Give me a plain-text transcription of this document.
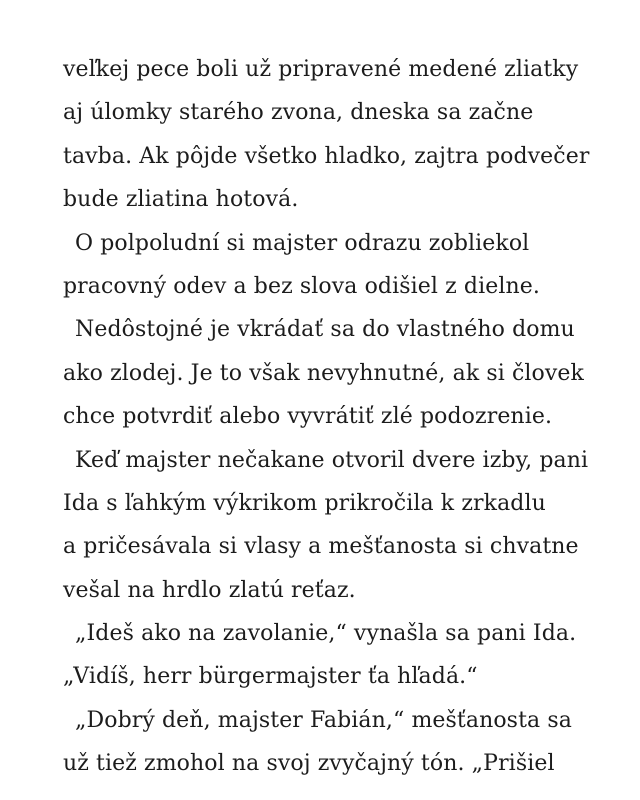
veľkej pece boli už pripravené medené zliatky
aj úlomky starého zvona, dneska sa začne
tavba. Ak pôjde všetko hladko, zajtra podvečer
bude zliatina hotová.
O polpoludní si majster odrazu zobliekol
pracovný odev a bez slova odišiel z dielne.
Nedôstojné je vkrádať sa do vlastného domu
ako zlodej. Je to však nevyhnutné, ak si človek
chce potvrdiť alebo vyvrátiť zlé podozrenie.
Keď majster nečakane otvoril dvere izby, pani
Ida s ľahkým výkrikom prikročila k zrkadlu
a pričesávala si vlasy a mešťanosta si chvatne
vešal na hrdlo zlatú reťaz.
„Ideš ako na zavolanie,“ vynašla sa pani Ida.
„Vidíš, herr bürgermajster ťa hľadá.“
„Dobrý deň, majster Fabián,“ mešťanosta sa
už tiež zmohol na svoj zvyčajný tón. „Prišiel
